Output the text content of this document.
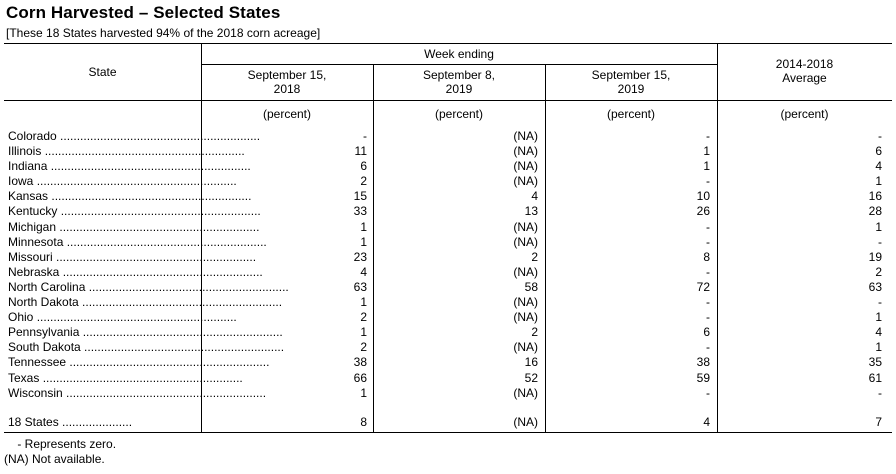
Corn Harvested – Selected States
[These 18 States harvested 94% of the 2018 corn acreage]
State
Week ending
September 15,
2018
September 8,
2019
September 15,
2019
2014-2018
Average
(percent)	(percent)	(percent)	(percent)
Colorado ............................................................	-	(NA)	-	-
Illinois ............................................................	11	(NA)	1	6
Indiana ............................................................	6	(NA)	1	4
Iowa ............................................................	2	(NA)	-	1
Kansas ............................................................	15	4	10	16
Kentucky ............................................................	33	13	26	28
Michigan ............................................................	1	(NA)	-	1
Minnesota ............................................................	1	(NA)	-	-
Missouri ............................................................	23	2	8	19
Nebraska ............................................................	4	(NA)	-	2
North Carolina ............................................................	63	58	72	63
North Dakota ............................................................	1	(NA)	-	-
Ohio ............................................................	2	(NA)	-	1
Pennsylvania ............................................................	1	2	6	4
South Dakota ............................................................	2	(NA)	-	1
Tennessee ............................................................	38	16	38	35
Texas ............................................................	66	52	59	61
Wisconsin ............................................................	1	(NA)	-	-
18 States .....................	8	(NA)	4	7
- Represents zero.
(NA) Not available.
